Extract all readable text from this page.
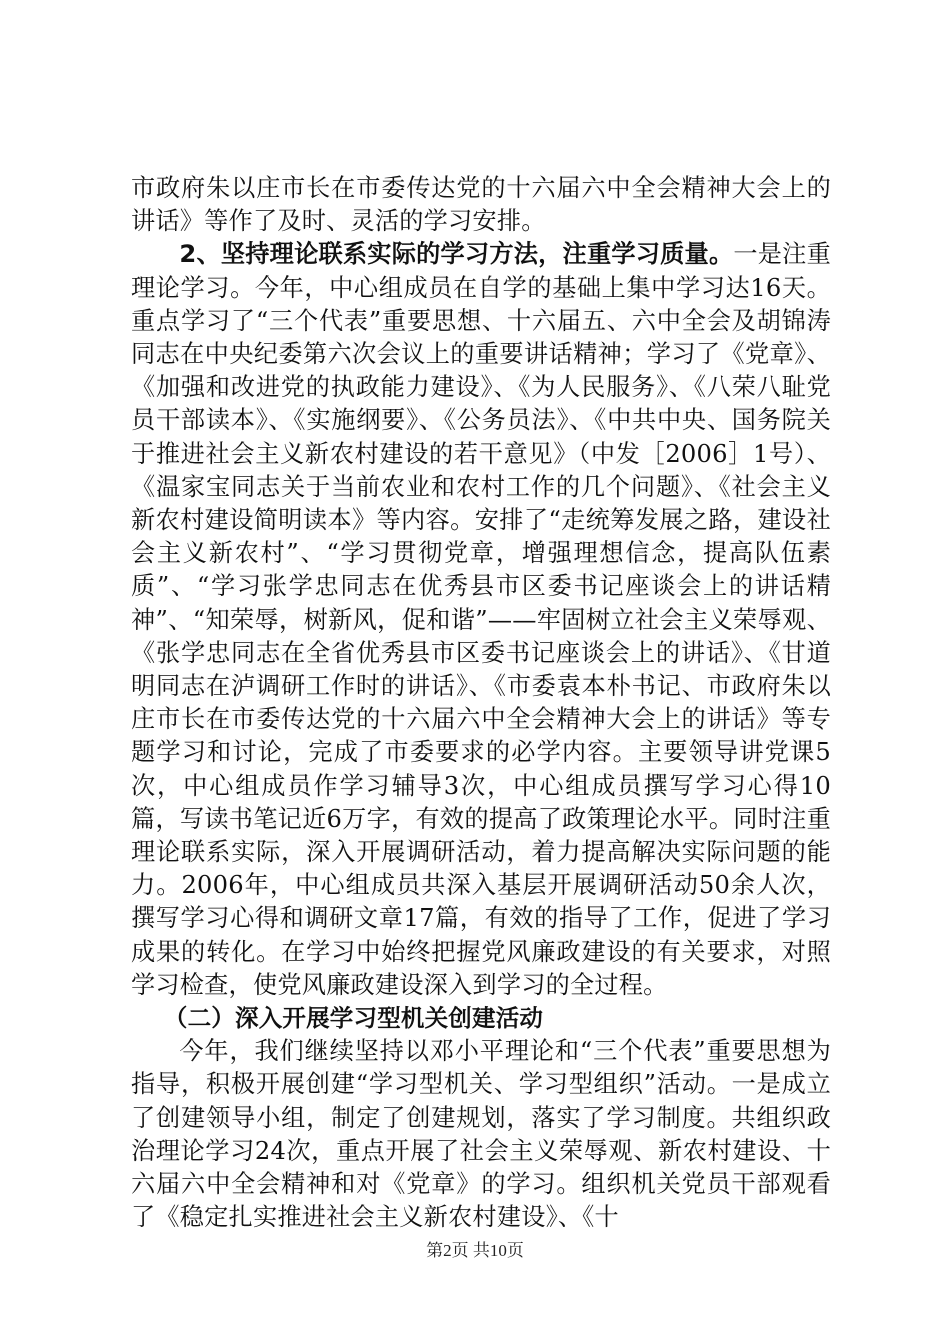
市政府朱以庄市长在市委传达党的十六届六中全会精神大会上的讲话》等作了及时、灵活的学习安排。

2、坚持理论联系实际的学习方法，注重学习质量。一是注重理论学习。今年，中心组成员在自学的基础上集中学习达16天。重点学习了“三个代表”重要思想、十六届五、六中全会及胡锦涛同志在中央纪委第六次会议上的重要讲话精神；学习了《党章》、《加强和改进党的执政能力建设》、《为人民服务》、《八荣八耻党员干部读本》、《实施纲要》、《公务员法》、《中共中央、国务院关于推进社会主义新农村建设的若干意见》（中发［2006］1号）、《温家宝同志关于当前农业和农村工作的几个问题》、《社会主义新农村建设简明读本》等内容。安排了“走统筹发展之路，建设社会主义新农村”、“学习贯彻党章，增强理想信念，提高队伍素质”、“学习张学忠同志在优秀县市区委书记座谈会上的讲话精神”、“知荣辱，树新风，促和谐”——牢固树立社会主义荣辱观、《张学忠同志在全省优秀县市区委书记座谈会上的讲话》、《甘道明同志在泸调研工作时的讲话》、《市委袁本朴书记、市政府朱以庄市长在市委传达党的十六届六中全会精神大会上的讲话》等专题学习和讨论，完成了市委要求的必学内容。主要领导讲党课5次，中心组成员作学习辅导3次，中心组成员撰写学习心得10篇，写读书笔记近6万字，有效的提高了政策理论水平。同时注重理论联系实际，深入开展调研活动，着力提高解决实际问题的能力。2006年，中心组成员共深入基层开展调研活动50余人次，撰写学习心得和调研文章17篇，有效的指导了工作，促进了学习成果的转化。在学习中始终把握党风廉政建设的有关要求，对照学习检查，使党风廉政建设深入到学习的全过程。

（二）深入开展学习型机关创建活动

今年，我们继续坚持以邓小平理论和“三个代表”重要思想为指导，积极开展创建“学习型机关、学习型组织”活动。一是成立了创建领导小组，制定了创建规划，落实了学习制度。共组织政治理论学习24次，重点开展了社会主义荣辱观、新农村建设、十六届六中全会精神和对《党章》的学习。组织机关党员干部观看了《稳定扎实推进社会主义新农村建设》、《十

第2页 共10页
